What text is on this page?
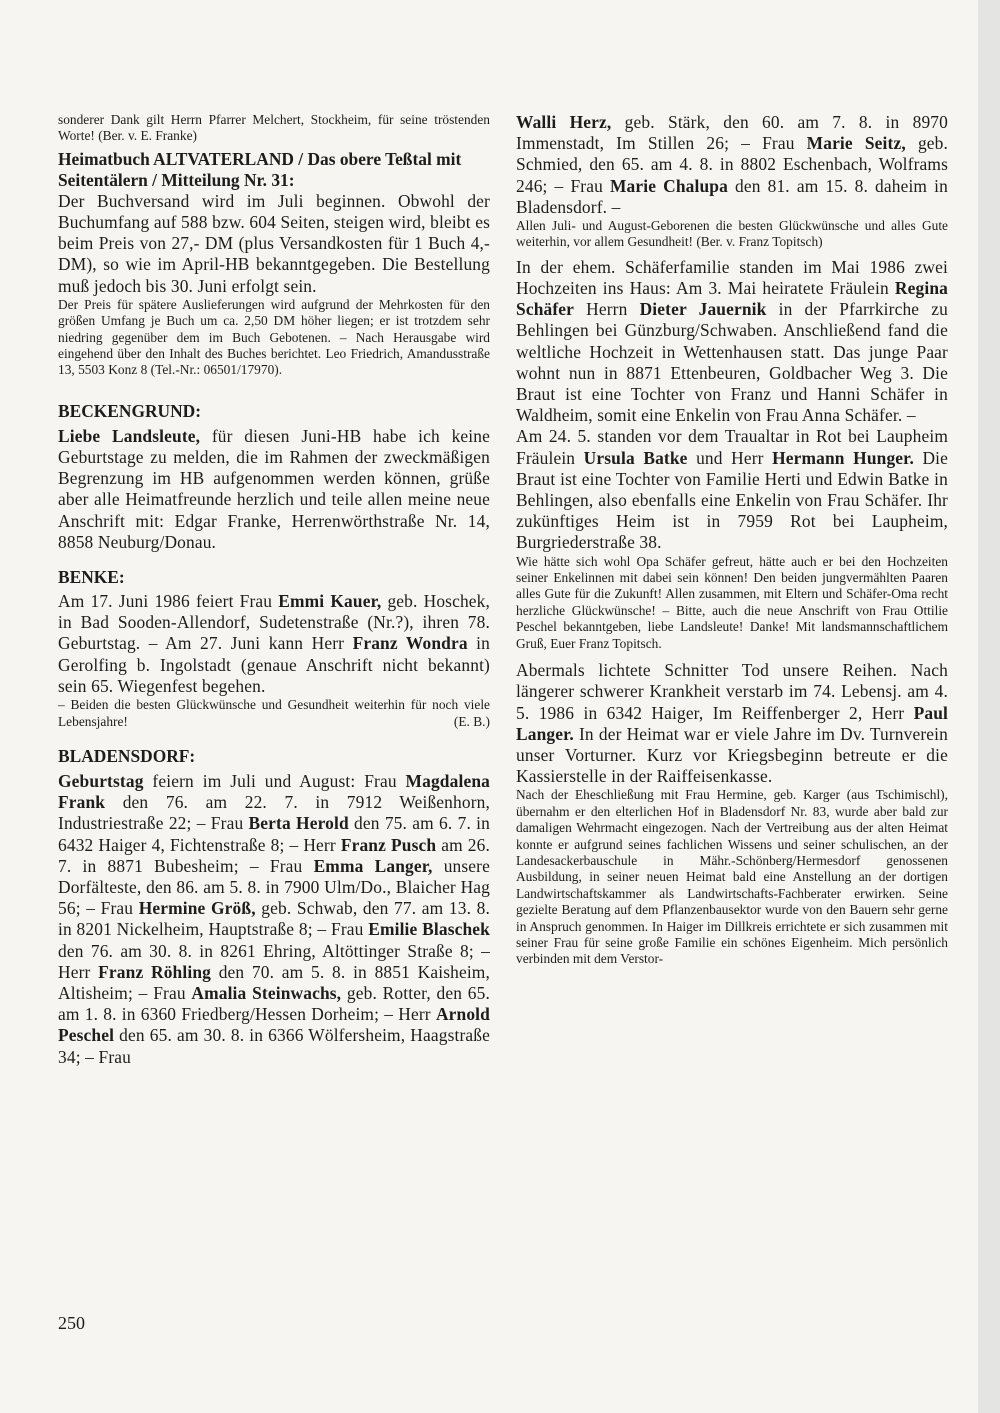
sonderer Dank gilt Herrn Pfarrer Melchert, Stockheim, für seine tröstenden Worte! (Ber. v. E. Franke)

Heimatbuch ALTVATERLAND / Das obere Teßtal mit Seitentälern / Mitteilung Nr. 31:

Der Buchversand wird im Juli beginnen. Obwohl der Buchumfang auf 588 bzw. 604 Seiten, steigen wird, bleibt es beim Preis von 27,- DM (plus Versandkosten für 1 Buch 4,- DM), so wie im April-HB bekanntgegeben. Die Bestellung muß jedoch bis 30. Juni erfolgt sein.

Der Preis für spätere Auslieferungen wird aufgrund der Mehrkosten für den größen Umfang je Buch um ca. 2,50 DM höher liegen; er ist trotzdem sehr niedring gegenüber dem im Buch Gebotenen. – Nach Herausgabe wird eingehend über den Inhalt des Buches berichtet. Leo Friedrich, Amandusstraße 13, 5503 Konz 8 (Tel.-Nr.: 06501/17970).

BECKENGRUND:

Liebe Landsleute, für diesen Juni-HB habe ich keine Geburtstage zu melden, die im Rahmen der zweckmäßigen Begrenzung im HB aufgenommen werden können, grüße aber alle Heimatfreunde herzlich und teile allen meine neue Anschrift mit: Edgar Franke, Herrenwörthstraße Nr. 14, 8858 Neuburg/Donau.

BENKE:

Am 17. Juni 1986 feiert Frau Emmi Kauer, geb. Hoschek, in Bad Sooden-Allendorf, Sudetenstraße (Nr.?), ihren 78. Geburtstag. – Am 27. Juni kann Herr Franz Wondra in Gerolfing b. Ingolstadt (genaue Anschrift nicht bekannt) sein 65. Wiegenfest begehen.

– Beiden die besten Glückwünsche und Gesundheit weiterhin für noch viele Lebensjahre!	(E. B.)

BLADENSDORF:

Geburtstag feiern im Juli und August: Frau Magdalena Frank den 76. am 22. 7. in 7912 Weißenhorn, Industriestraße 22; – Frau Berta Herold den 75. am 6. 7. in 6432 Haiger 4, Fichtenstraße 8; – Herr Franz Pusch am 26. 7. in 8871 Bubesheim; – Frau Emma Langer, unsere Dorfälteste, den 86. am 5. 8. in 7900 Ulm/Do., Blaicher Hag 56; – Frau Hermine Größ, geb. Schwab, den 77. am 13. 8. in 8201 Nickelheim, Hauptstraße 8; – Frau Emilie Blaschek den 76. am 30. 8. in 8261 Ehring, Altöttinger Straße 8; – Herr Franz Röhling den 70. am 5. 8. in 8851 Kaisheim, Altisheim; – Frau Amalia Steinwachs, geb. Rotter, den 65. am 1. 8. in 6360 Friedberg/Hessen Dorheim; – Herr Arnold Peschel den 65. am 30. 8. in 6366 Wölfersheim, Haagstraße 34; – Frau

Walli Herz, geb. Stärk, den 60. am 7. 8. in 8970 Immenstadt, Im Stillen 26; – Frau Marie Seitz, geb. Schmied, den 65. am 4. 8. in 8802 Eschenbach, Wolframs 246; – Frau Marie Chalupa den 81. am 15. 8. daheim in Bladensdorf. –

Allen Juli- und August-Geborenen die besten Glückwünsche und alles Gute weiterhin, vor allem Gesundheit! (Ber. v. Franz Topitsch)

In der ehem. Schäferfamilie standen im Mai 1986 zwei Hochzeiten ins Haus: Am 3. Mai heiratete Fräulein Regina Schäfer Herrn Dieter Jauernik in der Pfarrkirche zu Behlingen bei Günzburg/Schwaben. Anschließend fand die weltliche Hochzeit in Wettenhausen statt. Das junge Paar wohnt nun in 8871 Ettenbeuren, Goldbacher Weg 3. Die Braut ist eine Tochter von Franz und Hanni Schäfer in Waldheim, somit eine Enkelin von Frau Anna Schäfer. –

Am 24. 5. standen vor dem Traualtar in Rot bei Laupheim Fräulein Ursula Batke und Herr Hermann Hunger. Die Braut ist eine Tochter von Familie Herti und Edwin Batke in Behlingen, also ebenfalls eine Enkelin von Frau Schäfer. Ihr zukünftiges Heim ist in 7959 Rot bei Laupheim, Burgriederstraße 38.

Wie hätte sich wohl Opa Schäfer gefreut, hätte auch er bei den Hochzeiten seiner Enkelinnen mit dabei sein können! Den beiden jungvermählten Paaren alles Gute für die Zukunft! Allen zusammen, mit Eltern und Schäfer-Oma recht herzliche Glückwünsche! – Bitte, auch die neue Anschrift von Frau Ottilie Peschel bekanntgeben, liebe Landsleute! Danke! Mit landsmannschaftlichem Gruß, Euer Franz Topitsch.

Abermals lichtete Schnitter Tod unsere Reihen. Nach längerer schwerer Krankheit verstarb im 74. Lebensj. am 4. 5. 1986 in 6342 Haiger, Im Reiffenberger 2, Herr Paul Langer. In der Heimat war er viele Jahre im Dv. Turnverein unser Vorturner. Kurz vor Kriegsbeginn betreute er die Kassierstelle in der Raiffeisenkasse.

Nach der Eheschließung mit Frau Hermine, geb. Karger (aus Tschimischl), übernahm er den elterlichen Hof in Bladensdorf Nr. 83, wurde aber bald zur damaligen Wehrmacht eingezogen. Nach der Vertreibung aus der alten Heimat konnte er aufgrund seines fachlichen Wissens und seiner schulischen, an der Landesackerbauschule in Mähr.-Schönberg/Hermesdorf genossenen Ausbildung, in seiner neuen Heimat bald eine Anstellung an der dortigen Landwirtschaftskammer als Landwirtschafts-Fachberater erwirken. Seine gezielte Beratung auf dem Pflanzenbausektor wurde von den Bauern sehr gerne in Anspruch genommen. In Haiger im Dillkreis errichtete er sich zusammen mit seiner Frau für seine große Familie ein schönes Eigenheim. Mich persönlich verbinden mit dem Verstor-

250
